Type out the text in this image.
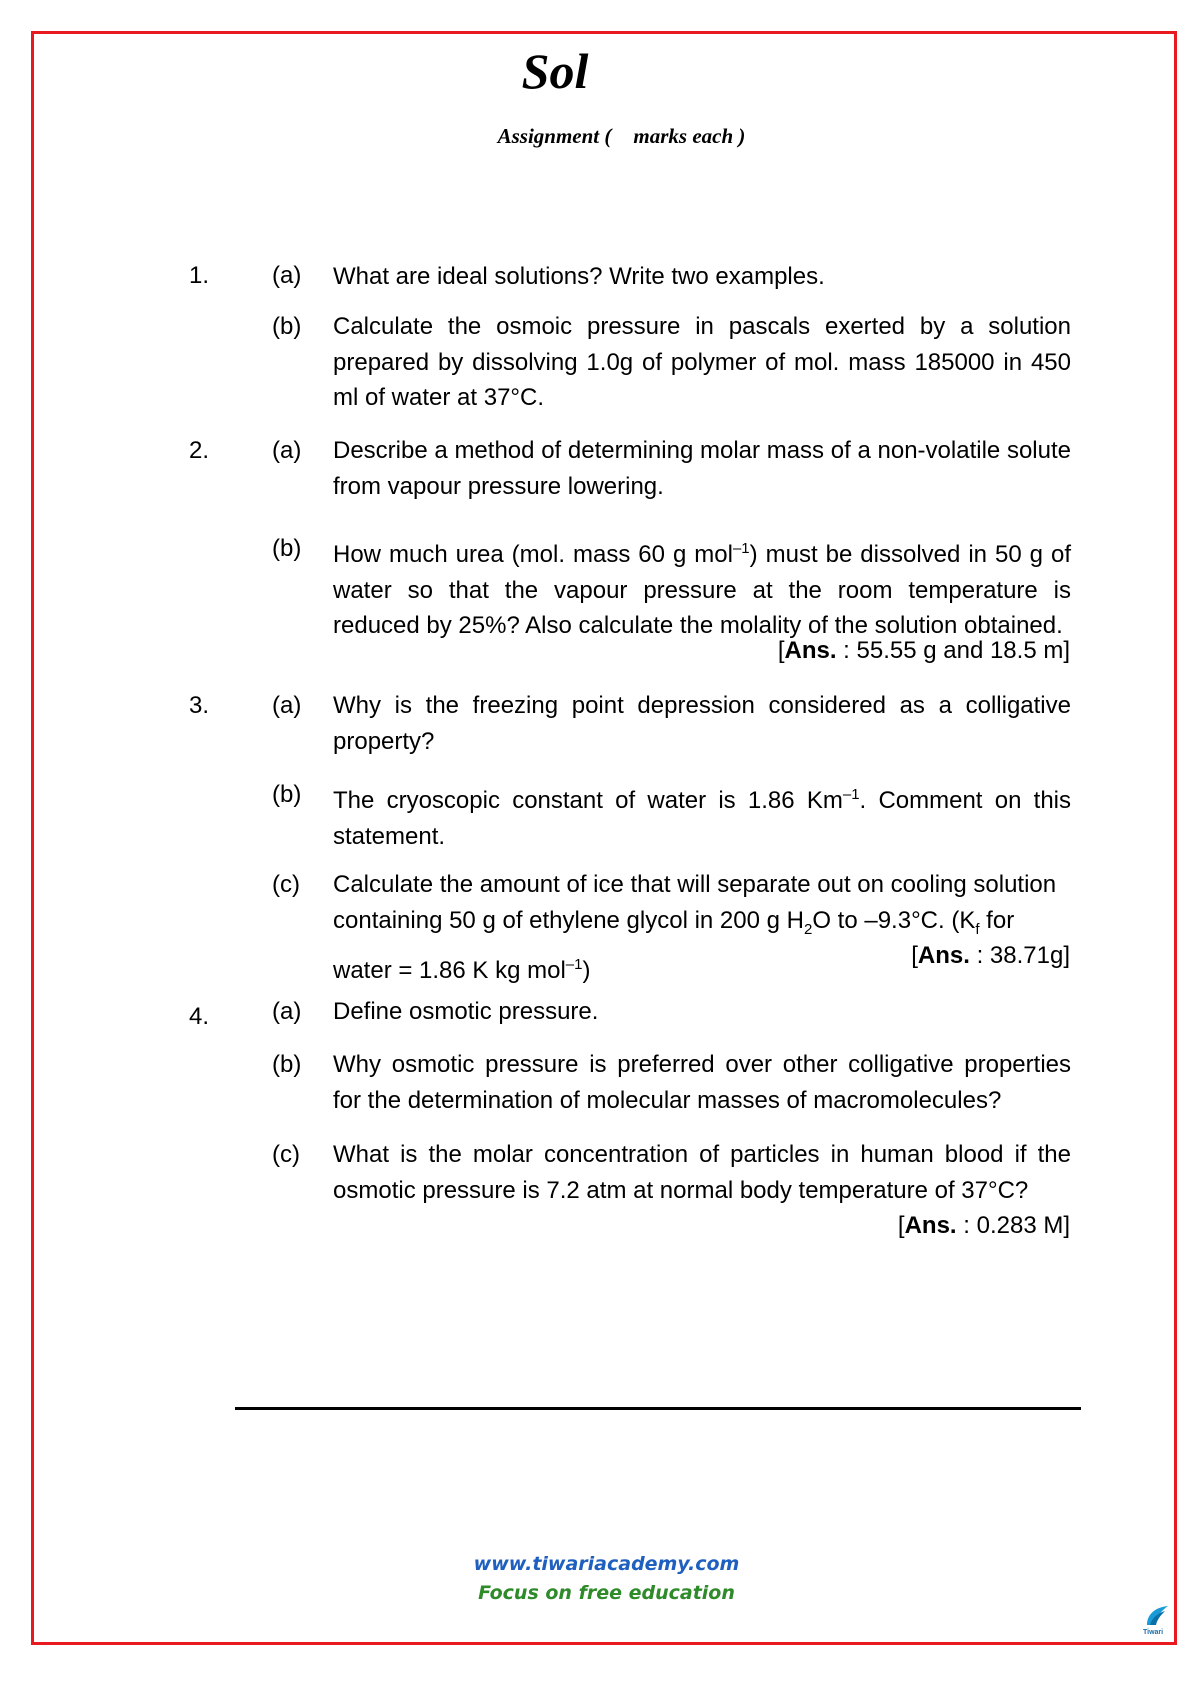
Sol
Assignment ( marks each )
1.	(a) What are ideal solutions? Write two examples.
(b) Calculate the osmoic pressure in pascals exerted by a solution prepared by dissolving 1.0g of polymer of mol. mass 185000 in 450 ml of water at 37°C.
2.	(a) Describe a method of determining molar mass of a non-volatile solute from vapour pressure lowering.
(b) How much urea (mol. mass 60 g mol$^{-1}$) must be dissolved in 50 g of water so that the vapour pressure at the room temperature is reduced by 25%? Also calculate the molality of the solution obtained.
[Ans. : 55.55 g and 18.5 m]
3.	(a) Why is the freezing point depression considered as a colligative property?
(b) The cryoscopic constant of water is 1.86 $Km^{-1}$. Comment on this statement.
(c) Calculate the amount of ice that will separate out on cooling solution
containing 50 g of ethylene glycol in 200 g $H_2O$ to –9.3°C. ($K_f$ for
water = 1.86 K kg mol$^{-1}$)
[Ans. : 38.71g]
4.	(a) Define osmotic pressure.
(b) Why osmotic pressure is preferred over other colligative properties for the determination of molecular masses of macromolecules?
(c) What is the molar concentration of particles in human blood if the osmotic pressure is 7.2 atm at normal body temperature of 37°C?
[Ans. : 0.283 M]
www.tiwariacademy.com
Focus on free education
Tiwari
